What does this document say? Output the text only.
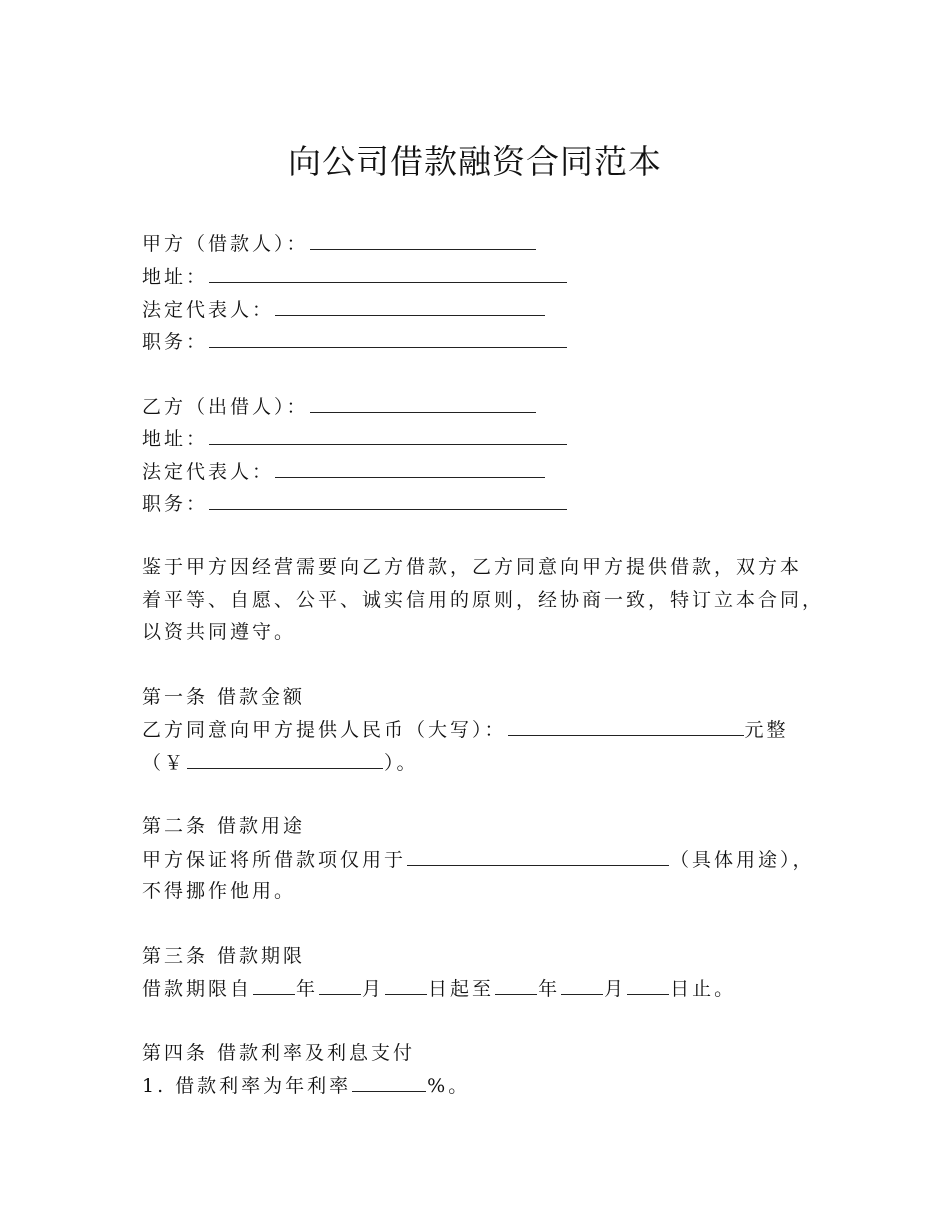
向公司借款融资合同范本
甲方（借款人）：
地址：
法定代表人：
职务：
乙方（出借人）：
地址：
法定代表人：
职务：
鉴于甲方因经营需要向乙方借款，乙方同意向甲方提供借款，双方本
着平等、自愿、公平、诚实信用的原则，经协商一致，特订立本合同，
以资共同遵守。
第一条 借款金额
乙方同意向甲方提供人民币（大写）：	元整
（￥	）。
第二条 借款用途
甲方保证将所借款项仅用于	（具体用途），
不得挪作他用。
第三条 借款期限
借款期限自 年 月 日起至 年 月 日止。
第四条 借款利率及利息支付
1. 借款利率为年利率	%。
